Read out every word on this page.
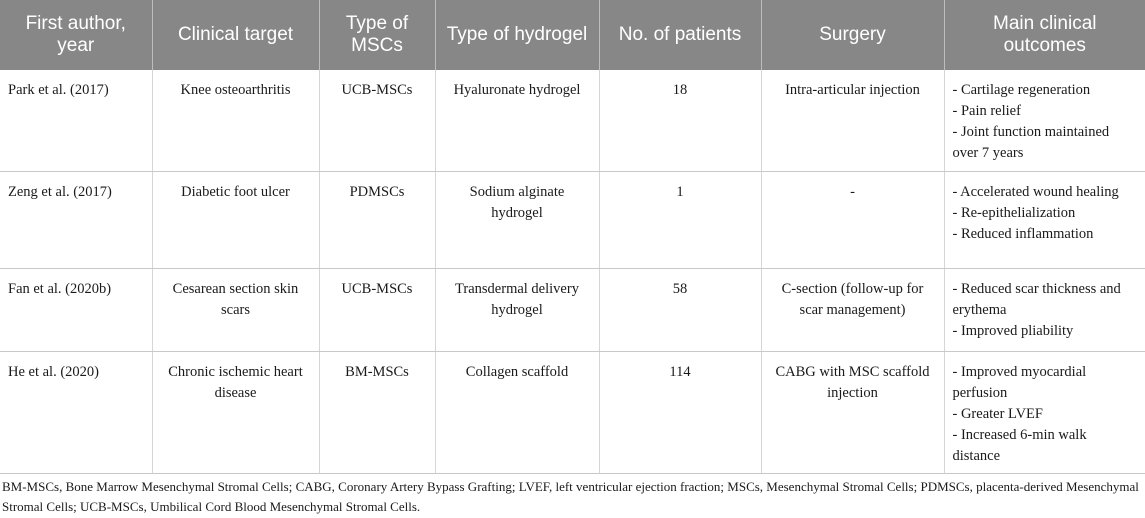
First author, year	Clinical target	Type of MSCs	Type of hydrogel	No. of patients	Surgery	Main clinical outcomes
Park et al. (2017)	Knee osteoarthritis	UCB-MSCs	Hyaluronate hydrogel	18	Intra-articular injection	- Cartilage regeneration
- Pain relief
- Joint function maintained over 7 years

Zeng et al. (2017)	Diabetic foot ulcer	PDMSCs	Sodium alginate hydrogel	1	-	- Accelerated wound healing
- Re-epithelialization
- Reduced inflammation

Fan et al. (2020b)	Cesarean section skin scars	UCB-MSCs	Transdermal delivery hydrogel	58	C-section (follow-up for scar management)	- Reduced scar thickness and erythema
- Improved pliability

He et al. (2020)	Chronic ischemic heart disease	BM-MSCs	Collagen scaffold	114	CABG with MSC scaffold injection	- Improved myocardial perfusion
- Greater LVEF
- Increased 6-min walk distance
BM-MSCs, Bone Marrow Mesenchymal Stromal Cells; CABG, Coronary Artery Bypass Grafting; LVEF, left ventricular ejection fraction; MSCs, Mesenchymal Stromal Cells; PDMSCs, placenta-derived Mesenchymal Stromal Cells; UCB-MSCs, Umbilical Cord Blood Mesenchymal Stromal Cells.
